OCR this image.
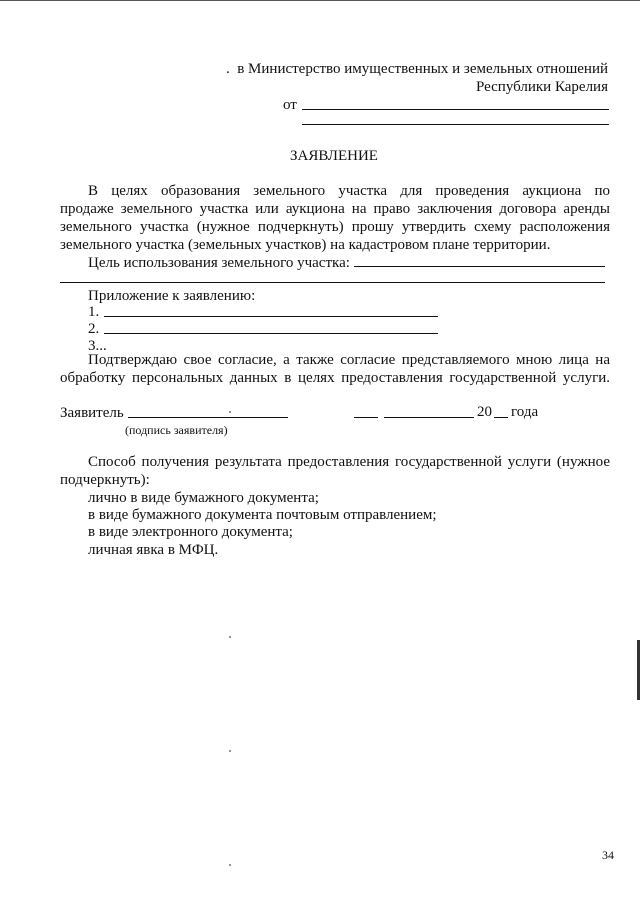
.  в Министерство имущественных и земельных отношений
Республики Карелия
от
ЗАЯВЛЕНИЕ
В целях образования земельного участка для проведения аукциона по
продаже земельного участка или аукциона на право заключения договора аренды
земельного участка (нужное подчеркнуть) прошу утвердить схему расположения
земельного участка (земельных участков) на кадастровом плане территории.
Цель использования земельного участка:
Приложение к заявлению:
1.
2.
3...
Подтверждаю свое согласие, а также согласие представляемого мною лица на
обработку персональных данных в целях предоставления государственной услуги.
Заявитель
(подпись заявителя)
20 года
Способ получения результата предоставления государственной услуги (нужное
подчеркнуть):
лично в виде бумажного документа;
в виде бумажного документа почтовым отправлением;
в виде электронного документа;
личная явка в МФЦ.
34
